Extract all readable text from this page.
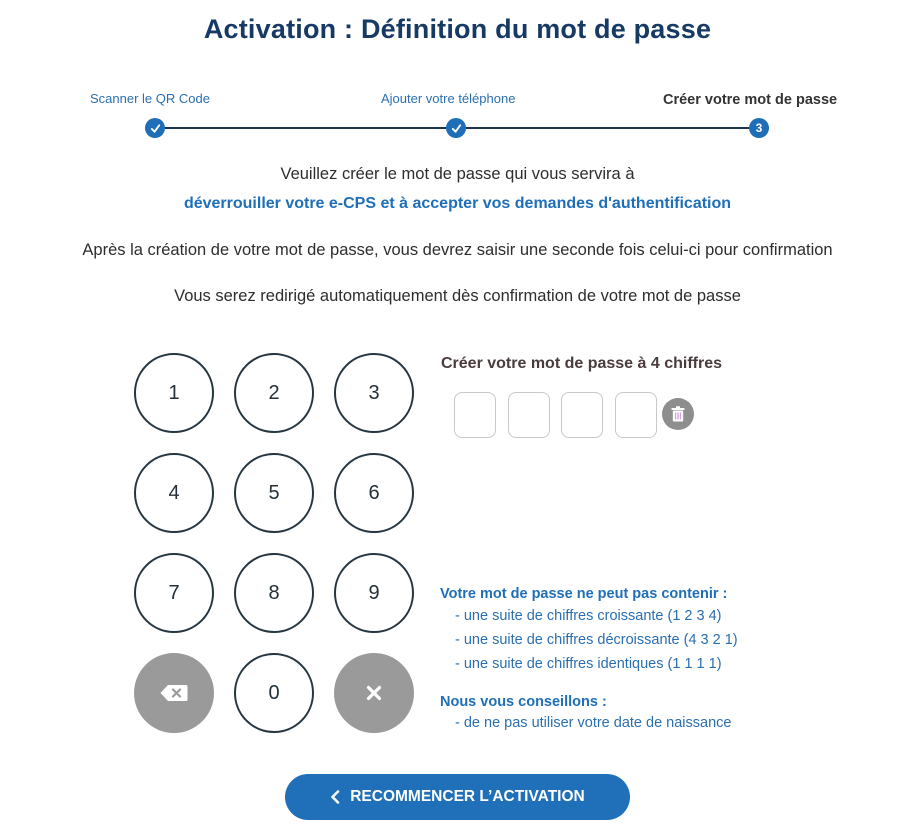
Activation : Définition du mot de passe
Scanner le QR Code	Ajouter votre téléphone	Créer votre mot de passe
3

Veuillez créer le mot de passe qui vous servira à

déverrouiller votre e-CPS et à accepter vos demandes d'authentification

Après la création de votre mot de passe, vous devrez saisir une seconde fois celui-ci pour confirmation

Vous serez redirigé automatiquement dès confirmation de votre mot de passe

1	2	3
4	5	6
7	8	9
0
Créer votre mot de passe à 4 chiffres

Votre mot de passe ne peut pas contenir :

- une suite de chiffres croissante (1 2 3 4)

- une suite de chiffres décroissante (4 3 2 1)

- une suite de chiffres identiques (1 1 1 1)

Nous vous conseillons :

- de ne pas utiliser votre date de naissance

RECOMMENCER L’ACTIVATION
